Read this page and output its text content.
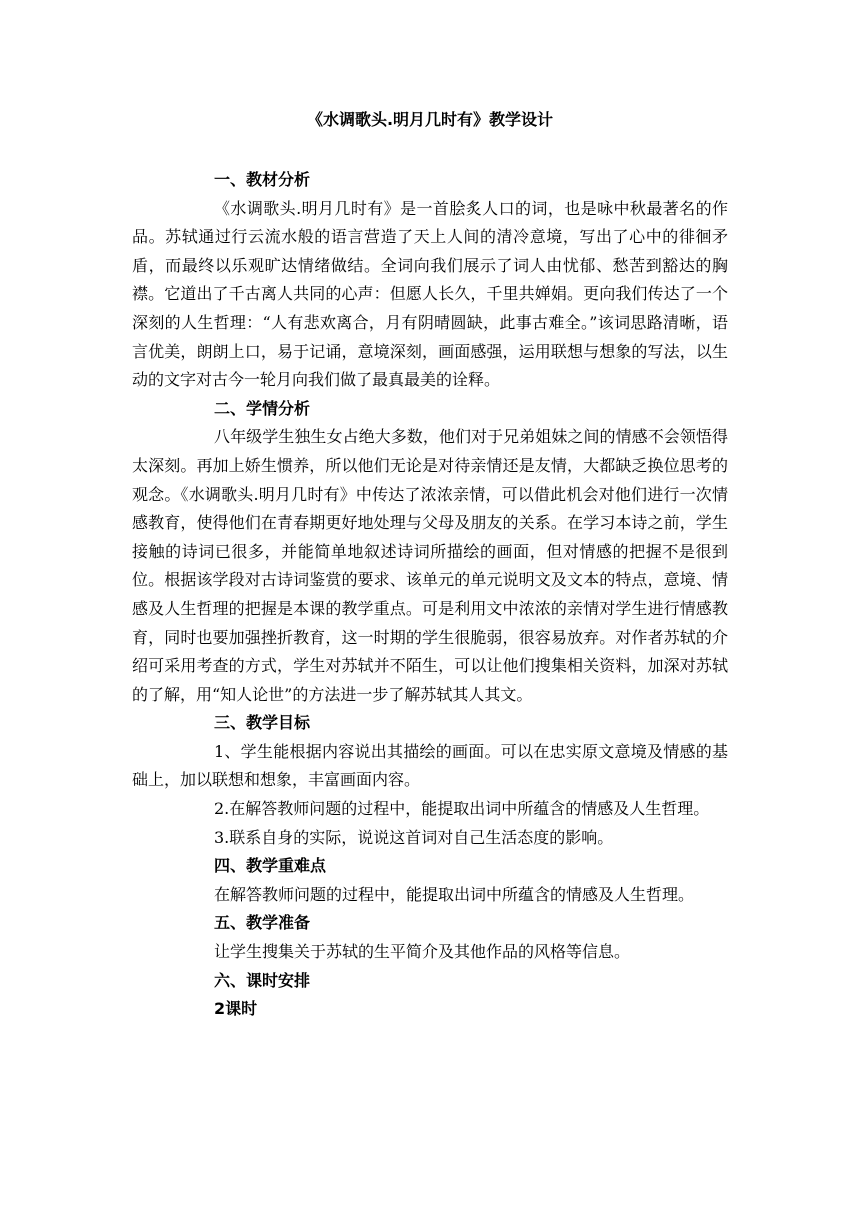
《水调歌头.明月几时有》教学设计

一、教材分析

《水调歌头.明月几时有》是一首脍炙人口的词，也是咏中秋最著名的作品。苏轼通过行云流水般的语言营造了天上人间的清冷意境，写出了心中的徘徊矛盾，而最终以乐观旷达情绪做结。全词向我们展示了词人由忧郁、愁苦到豁达的胸襟。它道出了千古离人共同的心声：但愿人长久，千里共婵娟。更向我们传达了一个深刻的人生哲理：“人有悲欢离合，月有阴晴圆缺，此事古难全。”该词思路清晰，语言优美，朗朗上口，易于记诵，意境深刻，画面感强，运用联想与想象的写法，以生动的文字对古今一轮月向我们做了最真最美的诠释。

二、学情分析

八年级学生独生女占绝大多数，他们对于兄弟姐妹之间的情感不会领悟得太深刻。再加上娇生惯养，所以他们无论是对待亲情还是友情，大都缺乏换位思考的观念。《水调歌头.明月几时有》中传达了浓浓亲情，可以借此机会对他们进行一次情感教育，使得他们在青春期更好地处理与父母及朋友的关系。在学习本诗之前，学生接触的诗词已很多，并能简单地叙述诗词所描绘的画面，但对情感的把握不是很到位。根据该学段对古诗词鉴赏的要求、该单元的单元说明文及文本的特点，意境、情感及人生哲理的把握是本课的教学重点。可是利用文中浓浓的亲情对学生进行情感教育，同时也要加强挫折教育，这一时期的学生很脆弱，很容易放弃。对作者苏轼的介绍可采用考查的方式，学生对苏轼并不陌生，可以让他们搜集相关资料，加深对苏轼的了解，用“知人论世”的方法进一步了解苏轼其人其文。

三、教学目标

1、学生能根据内容说出其描绘的画面。可以在忠实原文意境及情感的基础上，加以联想和想象，丰富画面内容。

2.在解答教师问题的过程中，能提取出词中所蕴含的情感及人生哲理。

3.联系自身的实际，说说这首词对自己生活态度的影响。

四、教学重难点

在解答教师问题的过程中，能提取出词中所蕴含的情感及人生哲理。

五、教学准备

让学生搜集关于苏轼的生平简介及其他作品的风格等信息。

六、课时安排

2课时
